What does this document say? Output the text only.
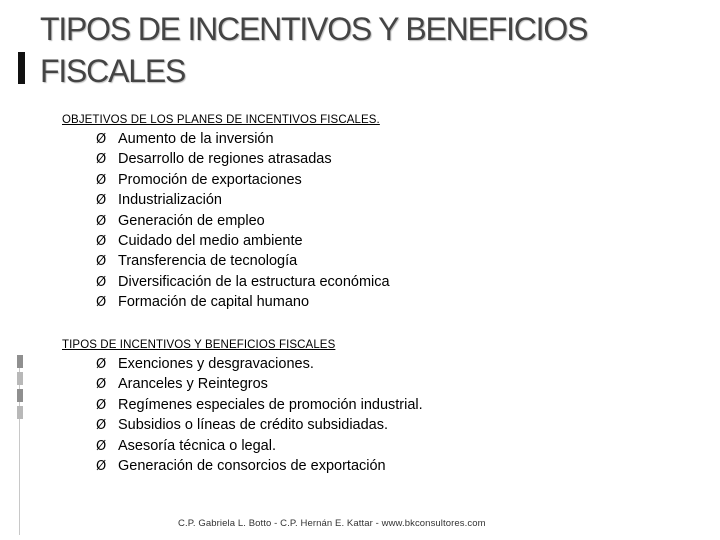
TIPOS DE INCENTIVOS Y BENEFICIOS
FISCALES
OBJETIVOS DE LOS PLANES DE INCENTIVOS FISCALES.
Ø Aumento de la inversión
Ø Desarrollo de regiones atrasadas
Ø Promoción de exportaciones
Ø Industrialización
Ø Generación de empleo
Ø Cuidado del medio ambiente
Ø Transferencia de tecnología
Ø Diversificación de la estructura económica
Ø Formación de capital humano
TIPOS DE INCENTIVOS Y BENEFICIOS FISCALES
Ø Exenciones y desgravaciones.
Ø Aranceles y Reintegros
Ø Regímenes especiales de promoción industrial.
Ø Subsidios o líneas de crédito subsidiadas.
Ø Asesoría técnica o legal.
Ø Generación de consorcios de exportación
C.P. Gabriela L. Botto - C.P. Hernán E. Kattar - www.bkconsultores.com
